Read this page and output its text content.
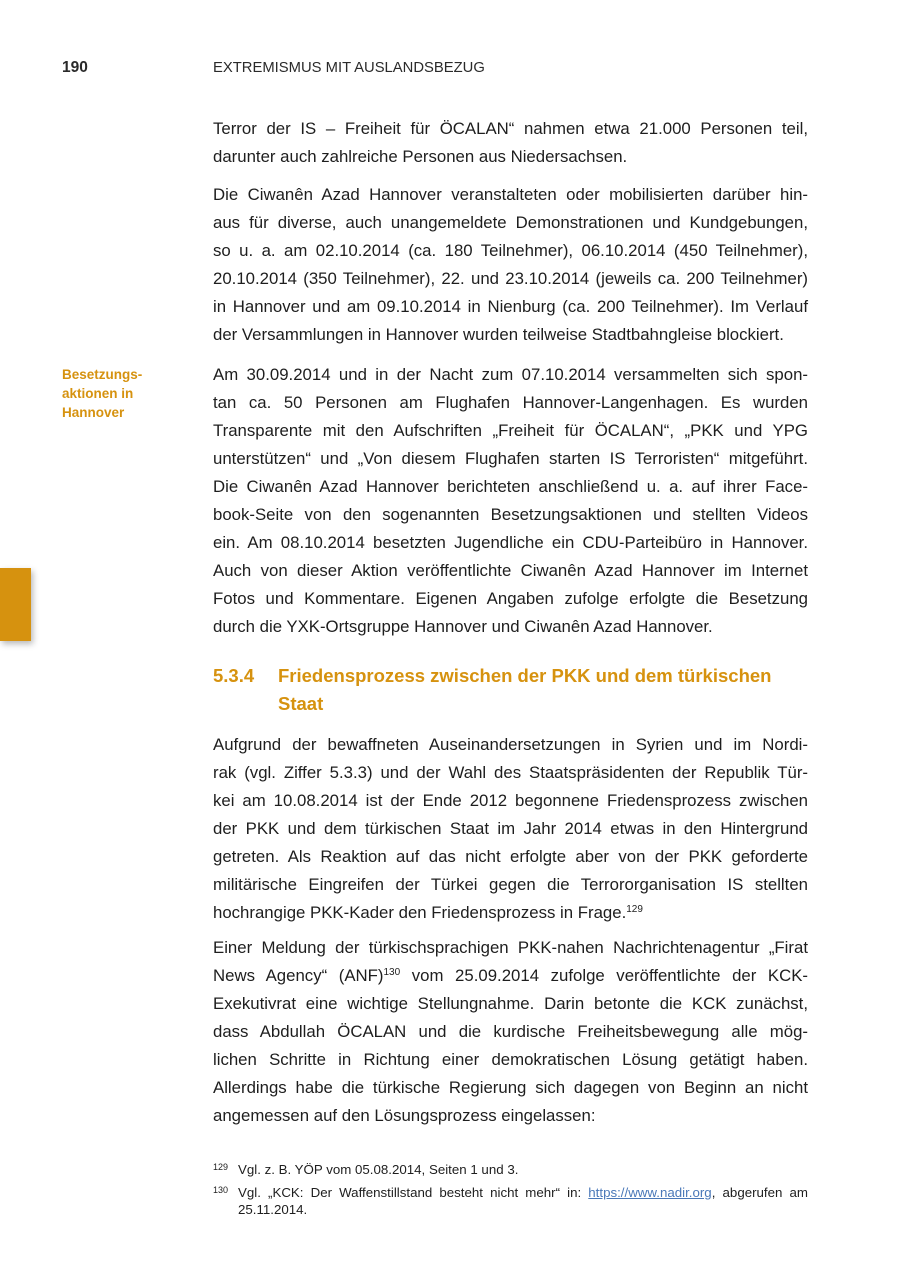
190	EXTREMISMUS MIT AUSLANDSBEZUG
Besetzungs-
aktionen in
Hannover
Terror der IS – Freiheit für ÖCALAN“ nahmen etwa 21.000 Personen teil,
darunter auch zahlreiche Personen aus Niedersachsen.
Die Ciwanên Azad Hannover veranstalteten oder mobilisierten darüber hin-
aus für diverse, auch unangemeldete Demonstrationen und Kundgebungen,
so u. a. am 02.10.2014 (ca. 180 Teilnehmer), 06.10.2014 (450 Teilnehmer),
20.10.2014 (350 Teilnehmer), 22. und 23.10.2014 (jeweils ca. 200 Teilnehmer)
in Hannover und am 09.10.2014 in Nienburg (ca. 200 Teilnehmer). Im Verlauf
der Versammlungen in Hannover wurden teilweise Stadtbahngleise blockiert.
Am 30.09.2014 und in der Nacht zum 07.10.2014 versammelten sich spon-
tan ca. 50 Personen am Flughafen Hannover-Langenhagen. Es wurden
Transparente mit den Aufschriften „Freiheit für ÖCALAN“, „PKK und YPG
unterstützen“ und „Von diesem Flughafen starten IS Terroristen“ mitgeführt.
Die Ciwanên Azad Hannover berichteten anschließend u. a. auf ihrer Face-
book-Seite von den sogenannten Besetzungsaktionen und stellten Videos
ein. Am 08.10.2014 besetzten Jugendliche ein CDU-Parteibüro in Hannover.
Auch von dieser Aktion veröffentlichte Ciwanên Azad Hannover im Internet
Fotos und Kommentare. Eigenen Angaben zufolge erfolgte die Besetzung
durch die YXK-Ortsgruppe Hannover und Ciwanên Azad Hannover.
5.3.4 Friedensprozess zwischen der PKK und dem türkischen
Staat
Aufgrund der bewaffneten Auseinandersetzungen in Syrien und im Nordi-
rak (vgl. Ziffer 5.3.3) und der Wahl des Staatspräsidenten der Republik Tür-
kei am 10.08.2014 ist der Ende 2012 begonnene Friedensprozess zwischen
der PKK und dem türkischen Staat im Jahr 2014 etwas in den Hintergrund
getreten. Als Reaktion auf das nicht erfolgte aber von der PKK geforderte
militärische Eingreifen der Türkei gegen die Terrororganisation IS stellten
hochrangige PKK-Kader den Friedensprozess in Frage.$^{129}$
Einer Meldung der türkischsprachigen PKK-nahen Nachrichtenagentur „Firat
News Agency“ (ANF)$^{130}$ vom 25.09.2014 zufolge veröffentlichte der KCK-
Exekutivrat eine wichtige Stellungnahme. Darin betonte die KCK zunächst,
dass Abdullah ÖCALAN und die kurdische Freiheitsbewegung alle mög-
lichen Schritte in Richtung einer demokratischen Lösung getätigt haben.
Allerdings habe die türkische Regierung sich dagegen von Beginn an nicht
angemessen auf den Lösungsprozess eingelassen:
129 Vgl. z. B. YÖP vom 05.08.2014, Seiten 1 und 3.
130 Vgl. „KCK: Der Waffenstillstand besteht nicht mehr“ in: https://www.nadir.org, abgerufen am
25.11.2014.
